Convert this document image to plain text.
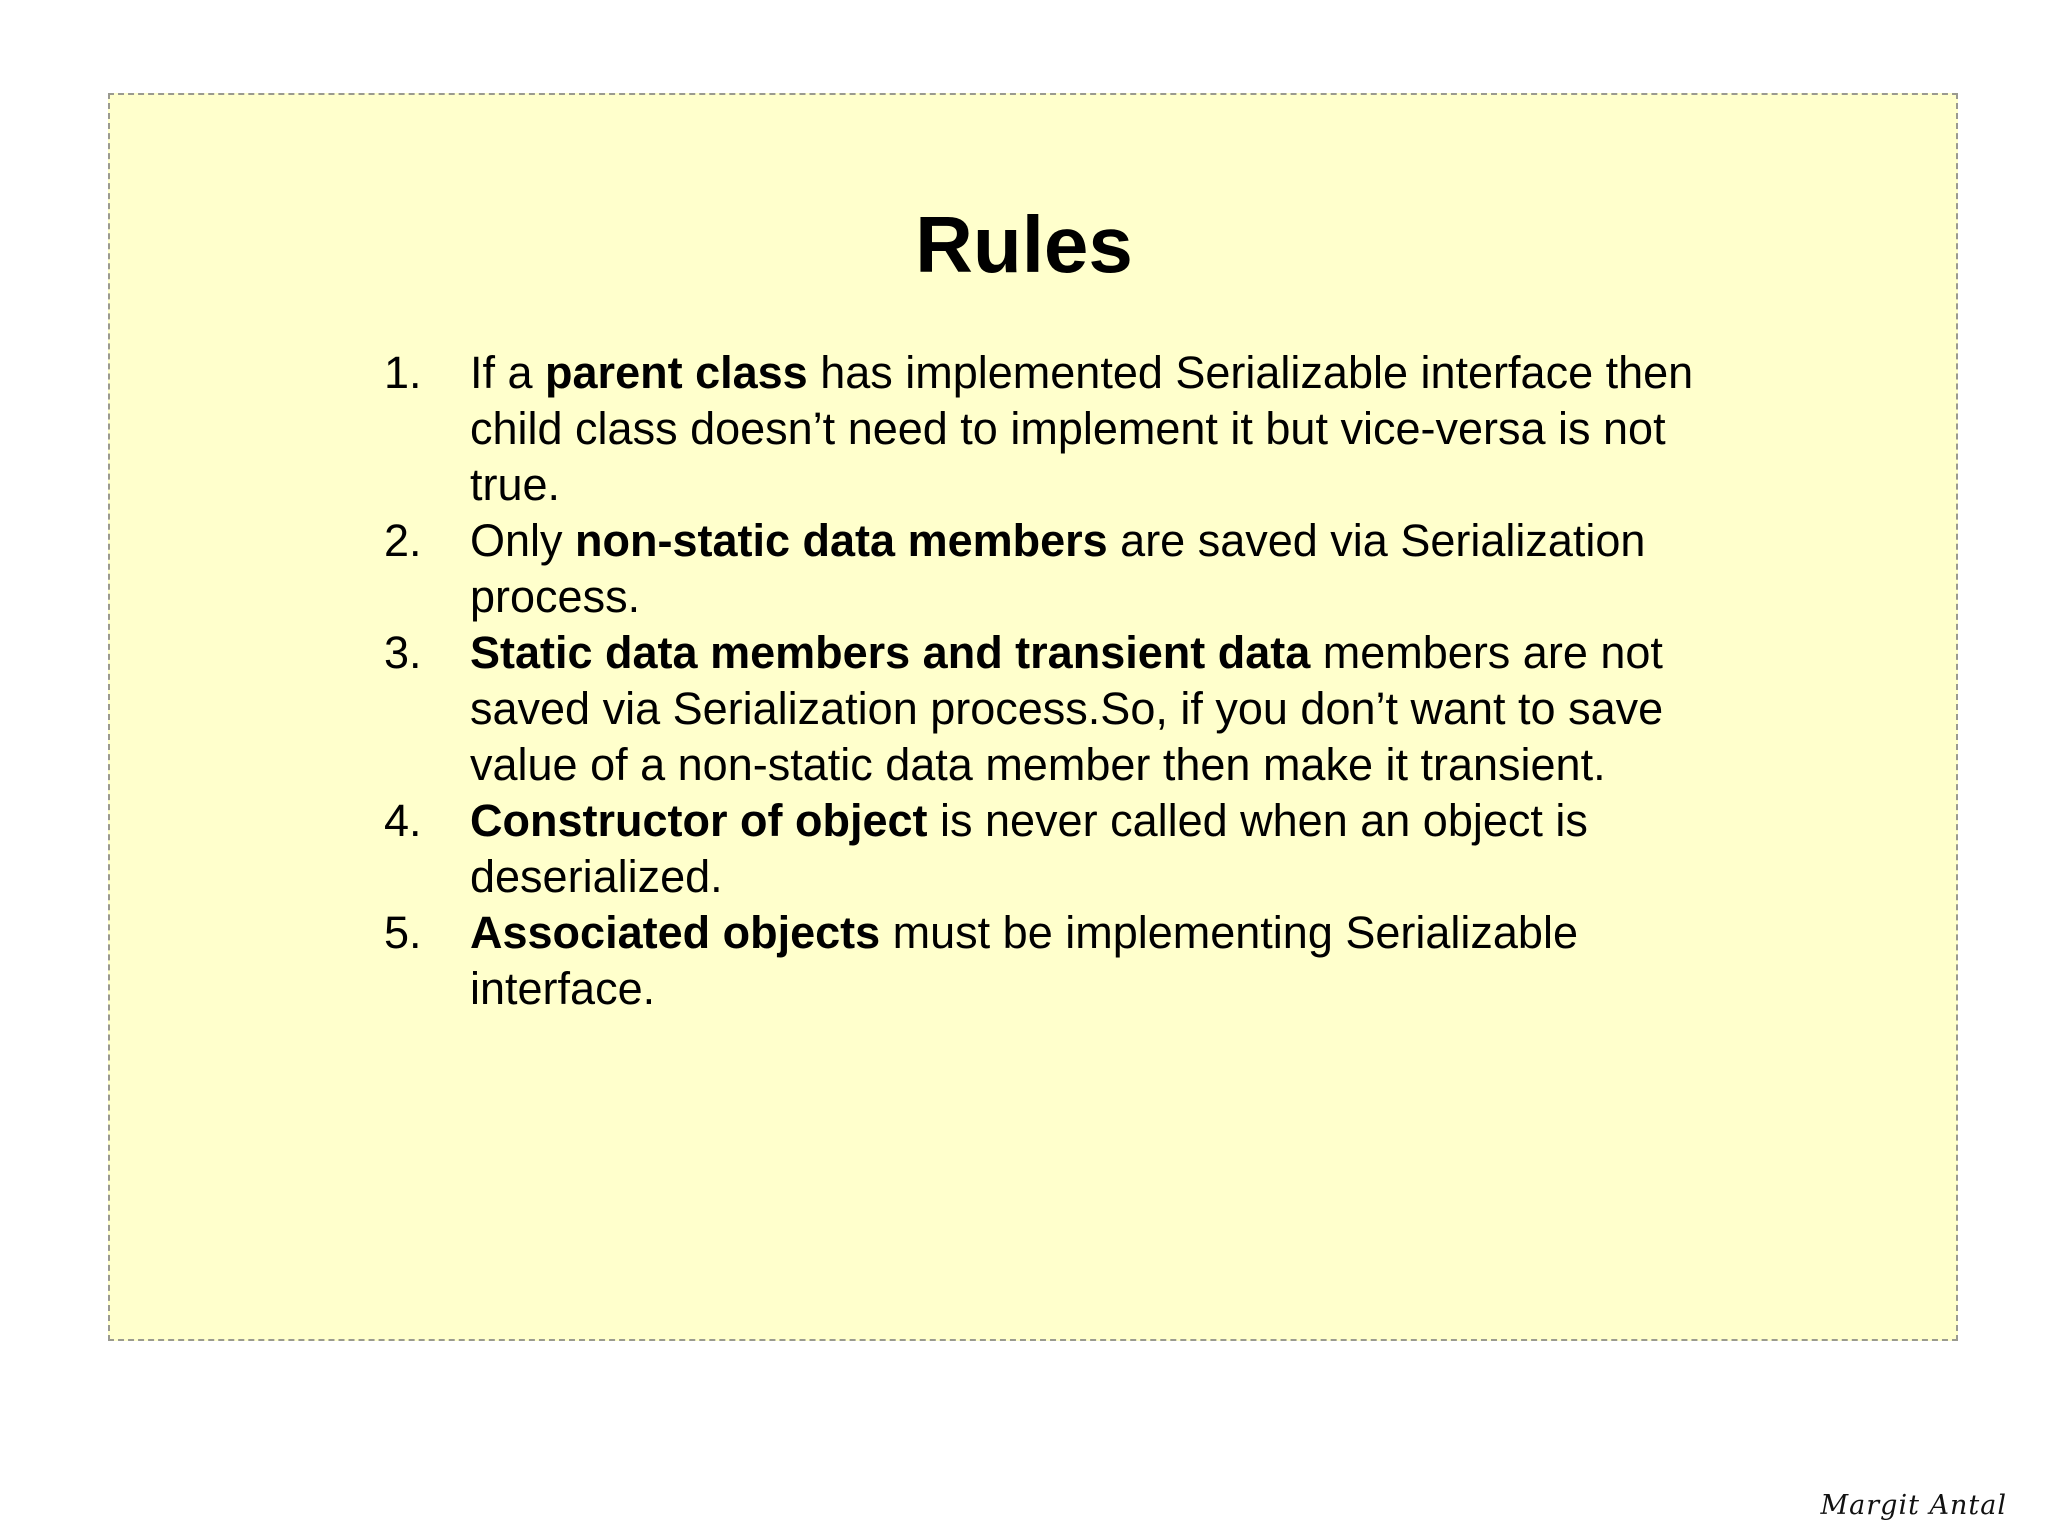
Rules
1.	If a parent class has implemented Serializable interface then child class doesn’t need to implement it but vice-versa is not true.
2.	Only non-static data members are saved via Serialization process.
3.	Static data members and transient data members are not saved via Serialization process.So, if you don’t want to save value of a non-static data member then make it transient.
4.	Constructor of object is never called when an object is deserialized.
5.	Associated objects must be implementing Serializable interface.
Margit Antal
